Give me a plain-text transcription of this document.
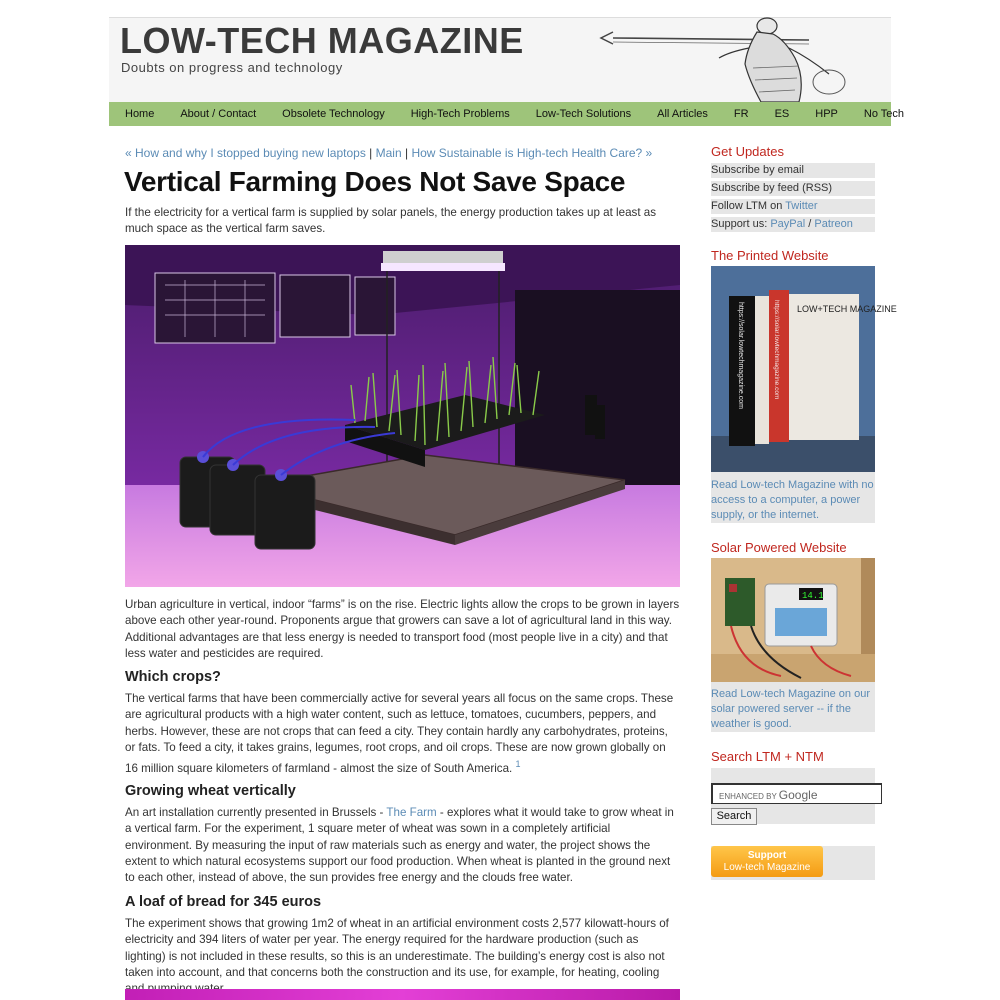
LOW-TECH MAGAZINE
Doubts on progress and technology
Home About / Contact Obsolete Technology High-Tech Problems Low-Tech Solutions All Articles FR ES HPP No Tech
« How and why I stopped buying new laptops | Main | How Sustainable is High-tech Health Care? »
Vertical Farming Does Not Save Space

If the electricity for a vertical farm is supplied by solar panels, the energy production takes up at least as much space as the vertical farm saves.

Urban agriculture in vertical, indoor “farms” is on the rise. Electric lights allow the crops to be grown in layers above each other year-round. Proponents argue that growers can save a lot of agricultural land in this way. Additional advantages are that less energy is needed to transport food (most people live in a city) and that less water and pesticides are required.

Which crops?

The vertical farms that have been commercially active for several years all focus on the same crops. These are agricultural products with a high water content, such as lettuce, tomatoes, cucumbers, peppers, and herbs. However, these are not crops that can feed a city. They contain hardly any carbohydrates, proteins, or fats. To feed a city, it takes grains, legumes, root crops, and oil crops. These are now grown globally on 16 million square kilometers of farmland - almost the size of South America. $^1$

Growing wheat vertically

An art installation currently presented in Brussels - The Farm - explores what it would take to grow wheat in a vertical farm. For the experiment, 1 square meter of wheat was sown in a completely artificial environment. By measuring the input of raw materials such as energy and water, the project shows the extent to which natural ecosystems support our food production. When wheat is planted in the ground next to each other, instead of above, the sun provides free energy and the clouds free water.

A loaf of bread for 345 euros

The experiment shows that growing 1m2 of wheat in an artificial environment costs 2,577 kilowatt-hours of electricity and 394 liters of water per year. The energy required for the hardware production (such as lighting) is not included in these results, so this is an underestimate. The building’s energy cost is also not taken into account, and that concerns both the construction and its use, for example, for heating, cooling

Get Updates
Subscribe by email
Subscribe by feed (RSS)
Follow LTM on Twitter
Support us: PayPal / Patreon
The Printed Website
https://solar.lowtechmagazine.com	https://solar.lowtechmagazine.com LOW+TECH MAGAZINE
Read Low-tech Magazine with no access to a computer, a power supply, or the internet.
Solar Powered Website
14.1
Read Low-tech Magazine on our solar powered server -- if the weather is good.
Search LTM + NTM
ENHANCED BY Google
Search
Support
Low-tech Magazine
